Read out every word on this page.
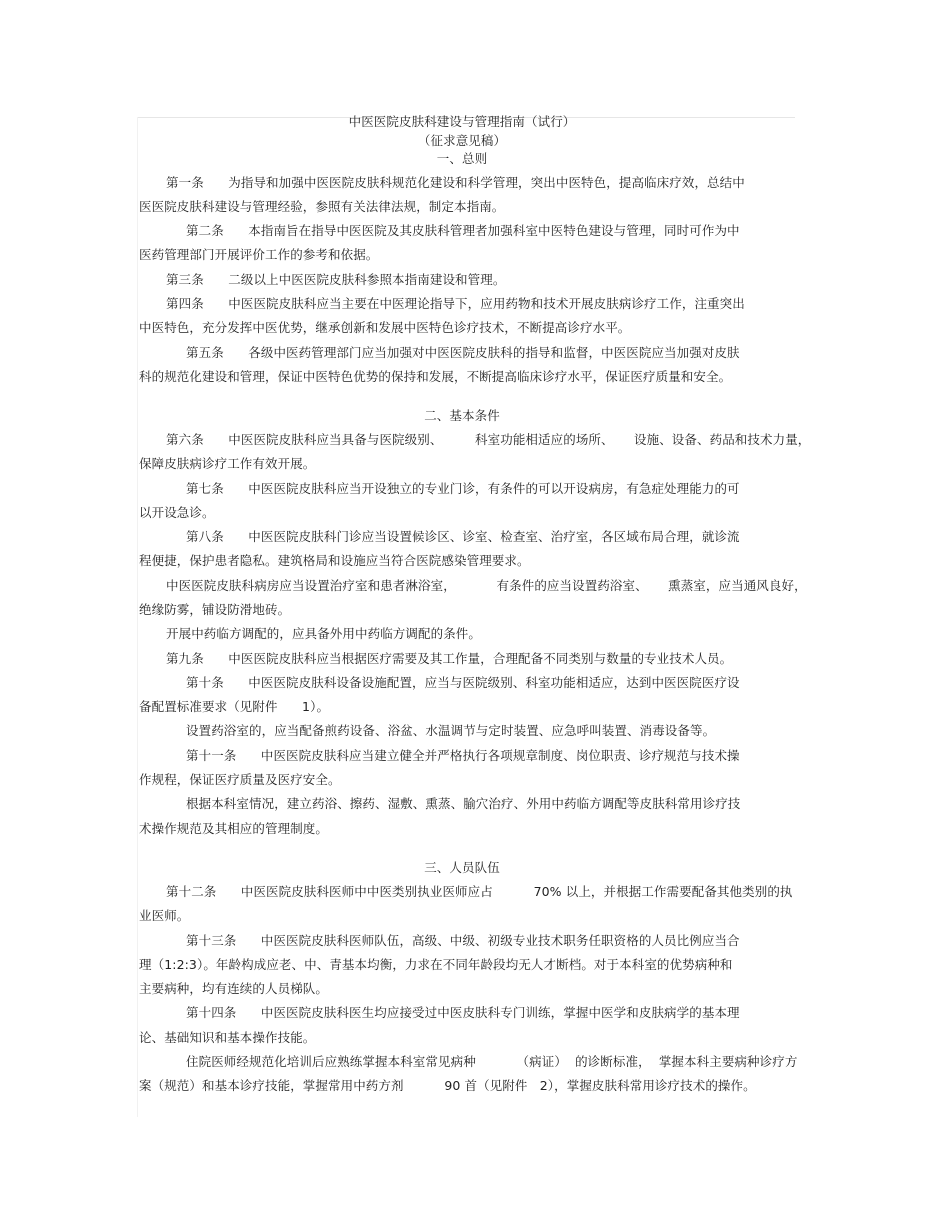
中医医院皮肤科建设与管理指南（试行）
（征求意见稿）
一、总则
第一条      为指导和加强中医医院皮肤科规范化建设和科学管理，突出中医特色，提高临床疗效，总结中
医医院皮肤科建设与管理经验，参照有关法律法规，制定本指南。
第二条      本指南旨在指导中医医院及其皮肤科管理者加强科室中医特色建设与管理，同时可作为中
医药管理部门开展评价工作的参考和依据。
第三条      二级以上中医医院皮肤科参照本指南建设和管理。
第四条      中医医院皮肤科应当主要在中医理论指导下，应用药物和技术开展皮肤病诊疗工作，注重突出
中医特色，充分发挥中医优势，继承创新和发展中医特色诊疗技术，不断提高诊疗水平。
第五条      各级中医药管理部门应当加强对中医医院皮肤科的指导和监督，中医医院应当加强对皮肤
科的规范化建设和管理，保证中医特色优势的保持和发展，不断提高临床诊疗水平，保证医疗质量和安全。
二、基本条件
第六条      中医医院皮肤科应当具备与医院级别、        科室功能相适应的场所、     设施、设备、药品和技术力量，
保障皮肤病诊疗工作有效开展。
第七条      中医医院皮肤科应当开设独立的专业门诊，有条件的可以开设病房，有急症处理能力的可
以开设急诊。
第八条      中医医院皮肤科门诊应当设置候诊区、诊室、检查室、治疗室，各区域布局合理，就诊流
程便捷，保护患者隐私。建筑格局和设施应当符合医院感染管理要求。
中医医院皮肤科病房应当设置治疗室和患者淋浴室，          有条件的应当设置药浴室、     熏蒸室，应当通风良好，
绝缘防雾，铺设防滑地砖。
开展中药临方调配的，应具备外用中药临方调配的条件。
第九条      中医医院皮肤科应当根据医疗需要及其工作量，合理配备不同类别与数量的专业技术人员。
第十条      中医医院皮肤科设备设施配置，应当与医院级别、科室功能相适应，达到中医医院医疗设
备配置标准要求（见附件      1）。
设置药浴室的，应当配备煎药设备、浴盆、水温调节与定时装置、应急呼叫装置、消毒设备等。
第十一条      中医医院皮肤科应当建立健全并严格执行各项规章制度、岗位职责、诊疗规范与技术操
作规程，保证医疗质量及医疗安全。
根据本科室情况，建立药浴、擦药、湿敷、熏蒸、腧穴治疗、外用中药临方调配等皮肤科常用诊疗技
术操作规范及其相应的管理制度。
三、人员队伍
第十二条      中医医院皮肤科医师中中医类别执业医师应占          70% 以上，并根据工作需要配备其他类别的执
业医师。
第十三条      中医医院皮肤科医师队伍，高级、中级、初级专业技术职务任职资格的人员比例应当合
理（1:2:3）。年龄构成应老、中、青基本均衡，力求在不同年龄段均无人才断档。对于本科室的优势病种和
主要病种，均有连续的人员梯队。
第十四条      中医医院皮肤科医生均应接受过中医皮肤科专门训练，掌握中医学和皮肤病学的基本理
论、基础知识和基本操作技能。
住院医师经规范化培训后应熟练掌握本科室常见病种          （病证）  的诊断标准，  掌握本科主要病种诊疗方
案（规范）和基本诊疗技能，掌握常用中药方剂          90 首（见附件   2），掌握皮肤科常用诊疗技术的操作。
